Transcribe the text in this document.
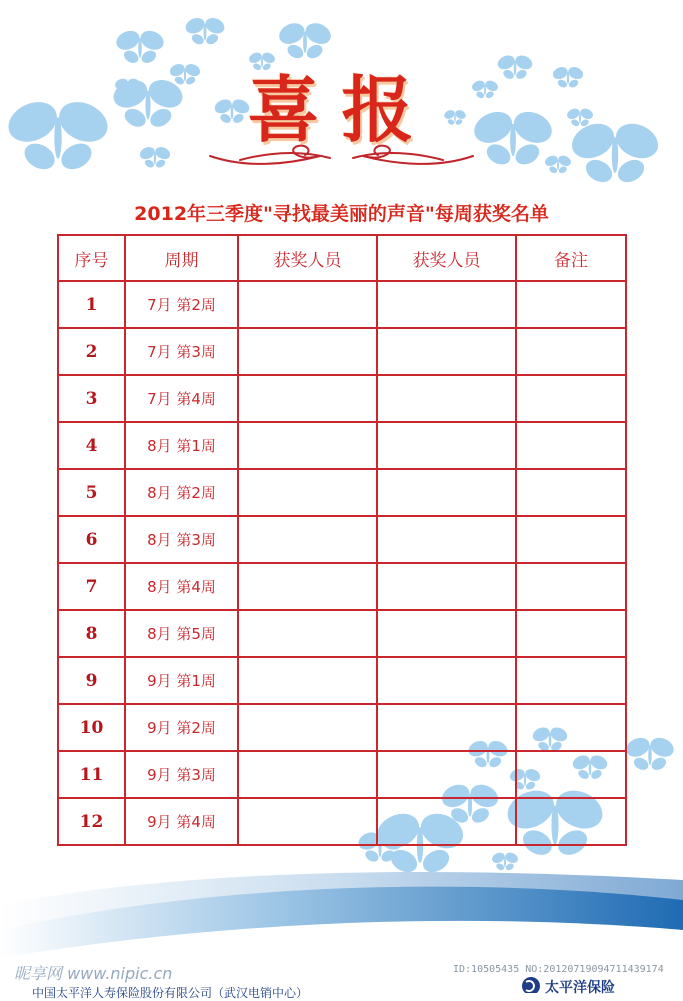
喜报
2012年三季度"寻找最美丽的声音"每周获奖名单
序号	周期	获奖人员	获奖人员	备注
1	7月 第2周			
2	7月 第3周			
3	7月 第4周			
4	8月 第1周			
5	8月 第2周			
6	8月 第3周			
7	8月 第4周			
8	8月 第5周			
9	9月 第1周			
10	9月 第2周			
11	9月 第3周			
12	9月 第4周			
昵享网 www.nipic.cn	ID:10505435 NO:20120719094711439174
中国太平洋人寿保险股份有限公司（武汉电销中心）	太平洋保险
